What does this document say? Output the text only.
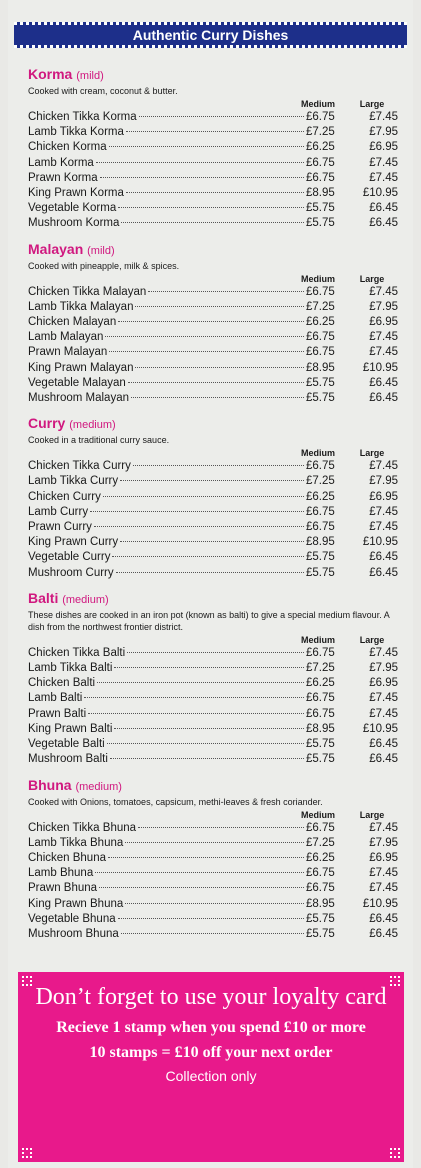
Authentic Curry Dishes
Korma (mild)
Cooked with cream, coconut & butter.
Medium	Large
Chicken Tikka Korma	£6.75	£7.45
Lamb Tikka Korma	£7.25	£7.95
Chicken Korma	£6.25	£6.95
Lamb Korma	£6.75	£7.45
Prawn Korma	£6.75	£7.45
King Prawn Korma	£8.95	£10.95
Vegetable Korma	£5.75	£6.45
Mushroom Korma	£5.75	£6.45
Malayan (mild)
Cooked with pineapple, milk & spices.
Medium	Large
Chicken Tikka Malayan	£6.75	£7.45
Lamb Tikka Malayan	£7.25	£7.95
Chicken Malayan	£6.25	£6.95
Lamb Malayan	£6.75	£7.45
Prawn Malayan	£6.75	£7.45
King Prawn Malayan	£8.95	£10.95
Vegetable Malayan	£5.75	£6.45
Mushroom Malayan	£5.75	£6.45
Curry (medium)
Cooked in a traditional curry sauce.
Medium	Large
Chicken Tikka Curry	£6.75	£7.45
Lamb Tikka Curry	£7.25	£7.95
Chicken Curry	£6.25	£6.95
Lamb Curry	£6.75	£7.45
Prawn Curry	£6.75	£7.45
King Prawn Curry	£8.95	£10.95
Vegetable Curry	£5.75	£6.45
Mushroom Curry	£5.75	£6.45
Balti (medium)
These dishes are cooked in an iron pot (known as balti) to give a special medium flavour. A dish from the northwest frontier district.
Medium	Large
Chicken Tikka Balti	£6.75	£7.45
Lamb Tikka Balti	£7.25	£7.95
Chicken Balti	£6.25	£6.95
Lamb Balti	£6.75	£7.45
Prawn Balti	£6.75	£7.45
King Prawn Balti	£8.95	£10.95
Vegetable Balti	£5.75	£6.45
Mushroom Balti	£5.75	£6.45
Bhuna (medium)
Cooked with Onions, tomatoes, capsicum, methi-leaves & fresh coriander.
Medium	Large
Chicken Tikka Bhuna	£6.75	£7.45
Lamb Tikka Bhuna	£7.25	£7.95
Chicken Bhuna	£6.25	£6.95
Lamb Bhuna	£6.75	£7.45
Prawn Bhuna	£6.75	£7.45
King Prawn Bhuna	£8.95	£10.95
Vegetable Bhuna	£5.75	£6.45
Mushroom Bhuna	£5.75	£6.45
Don’t forget to use your loyalty card
Recieve 1 stamp when you spend £10 or more
10 stamps = £10 off your next order
Collection only
